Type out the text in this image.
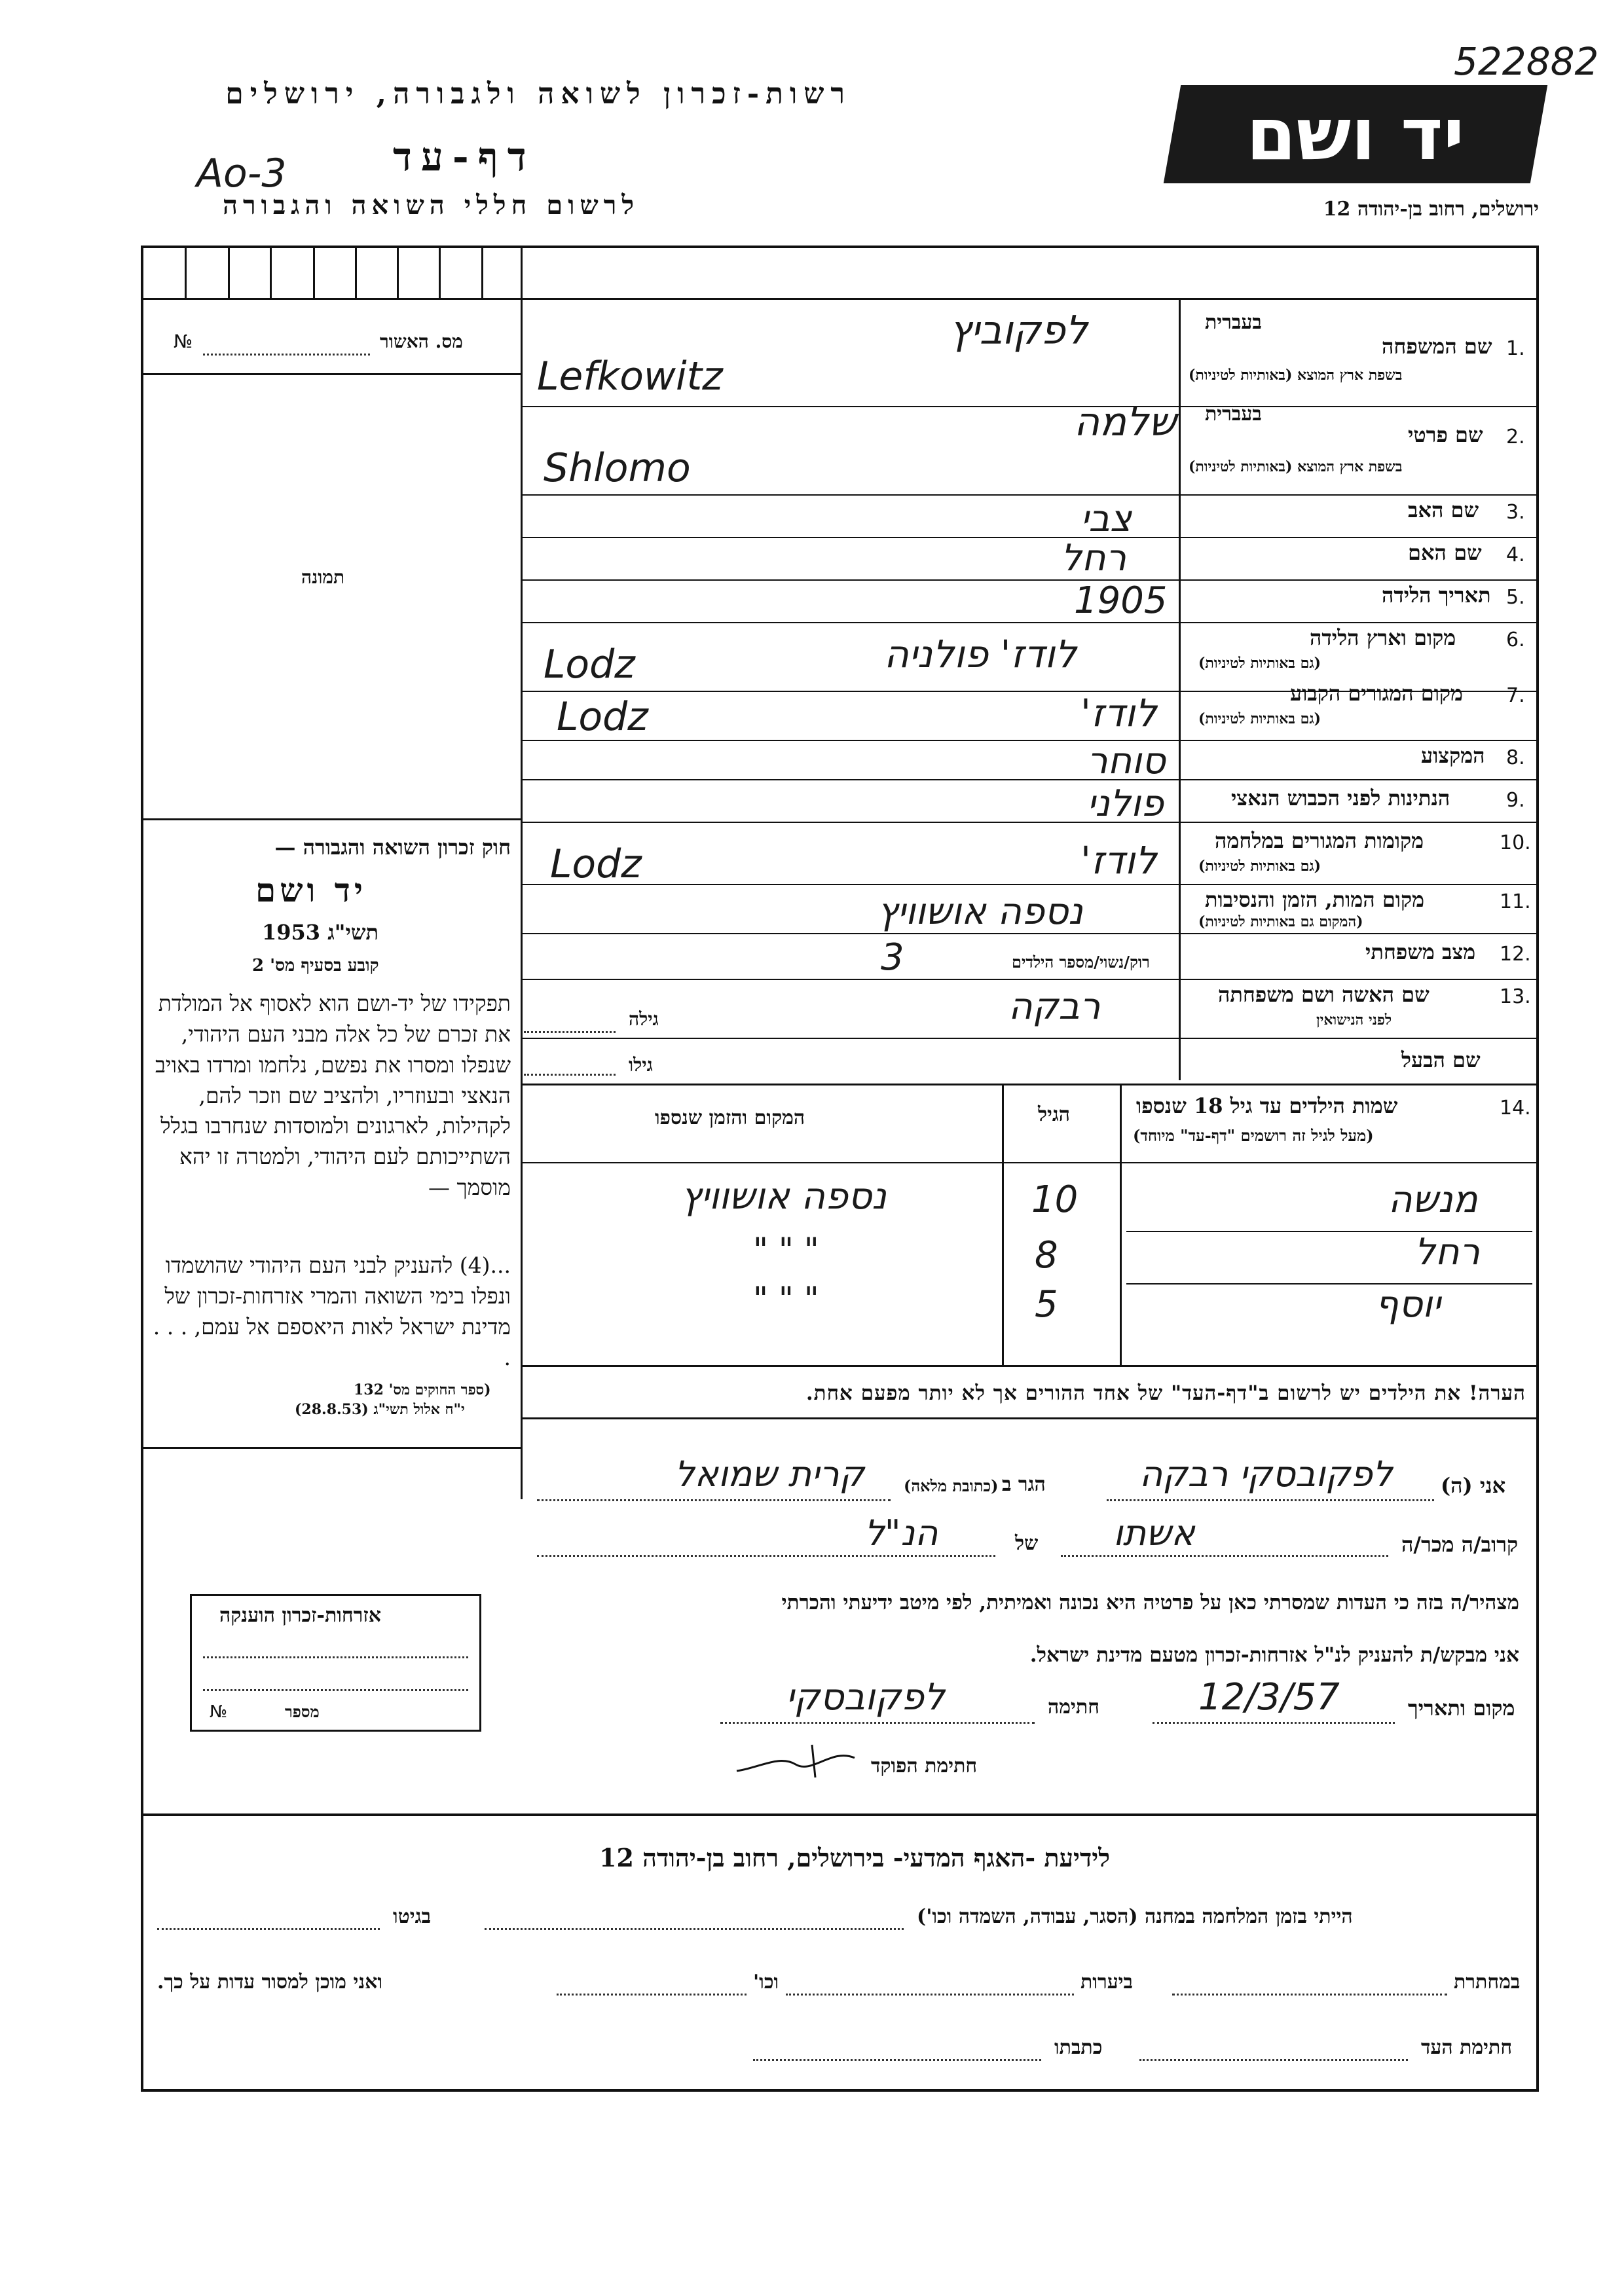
רשות-זכרון לשואה ולגבורה, ירושלים
דף-עד
Ao-3
לרשום חללי השואה והגבורה
522882
יד ושם
ירושלים, רחוב בן-יהודה 12
מס. האשור
№
תמונה
חוק זכרון השואה והגבורה —
יד ושם
תשי"ג 1953
קובע בסעיף מס' 2
תפקידו של יד-ושם הוא לאסוף אל המולדת את זכרם של כל אלה מבני העם היהודי, שנפלו ומסרו את נפשם, נלחמו ומרדו באויב הנאצי ובעוזריו, ולהציב שם וזכר להם, לקהילות, לארגונים ולמוסדות שנחרבו בגלל השתייכותם לעם היהודי, ולמטרה זו יהא מוסמך —
...(4) להעניק לבני העם היהודי שהושמדו ונפלו בימי השואה והמרי אזרחות-זכרון של מדינת ישראל לאות היאספם אל עמם, . . . .
(ספר החוקים מס' 132
י"ח אלול תשי"ג (28.8.53)
אזרחות-זכרון הוענקה
מספר
№
בעברית
1.
שם המשפחה
בשפת ארץ המוצא (באותיות לטיניות)
לפקוביץ
Lefkowitz
בעברית
2.
שם פרטי
בשפת ארץ המוצא (באותיות לטיניות)
שלמה
Shlomo
3.
שם האב
צבי
4.
שם האם
רחל
5.
תאריך הלידה
1905
6.
מקום וארץ הלידה
(גם באותיות לטיניות)
לודז' פולניה
Lodz
7.
מקום המגורים הקבוע
(גם באותיות לטיניות)
לודז'
Lodz
8.
המקצוע
סוחר
9.
הנתינות לפני הכבוש הנאצי
פולני
10.
מקומות המגורים במלחמה
(גם באותיות לטיניות)
לודז'
Lodz
11.
מקום המות, הזמן והנסיבות
(המקום גם באותיות לטיניות)
נספה אושוויץ
12.
מצב משפחתי
רוק/נשוי/מספר הילדים
3
13.
שם האשה ושם משפחתה
לפני הנישואין
רבקה
גילה
שם הבעל
גילו
14.
שמות הילדים עד גיל 18 שנספו
(מעל לגיל זה רושמים "דף-עד" מיוחד)
הגיל
המקום והזמן שנספו
מנשה
10
נספה אושוויץ
רחל
8
" " "
יוסף
5
" " "
הערה! את הילדים יש לרשום ב"דף-העד" של אחד ההורים אך לא יותר מפעם אחת.
אני (ה)
לפקובסקי רבקה
הגר ב
(כתובת מלאה)
קרית שמואל
קרוב/ה מכר/ה
אשתו
של
הנ"ל
מצהיר/ה בזה כי העדות שמסרתי כאן על פרטיה היא נכונה ואמיתית, לפי מיטב ידיעתי והכרתי
אני מבקש/ת להעניק לנ"ל אזרחות-זכרון מטעם מדינת ישראל.
מקום ותאריך
12/3/57
חתימה
לפקובסקי
חתימת הפוקד
לידיעת -האגף המדעי- בירושלים, רחוב בן-יהודה 12
הייתי בזמן המלחמה במחנה (הסגר, עבודה, השמדה וכו')
בגיטו
במחתרת
ביערות
וכו'
ואני מוכן למסור עדות על כך.
חתימת העד
כתבתו
